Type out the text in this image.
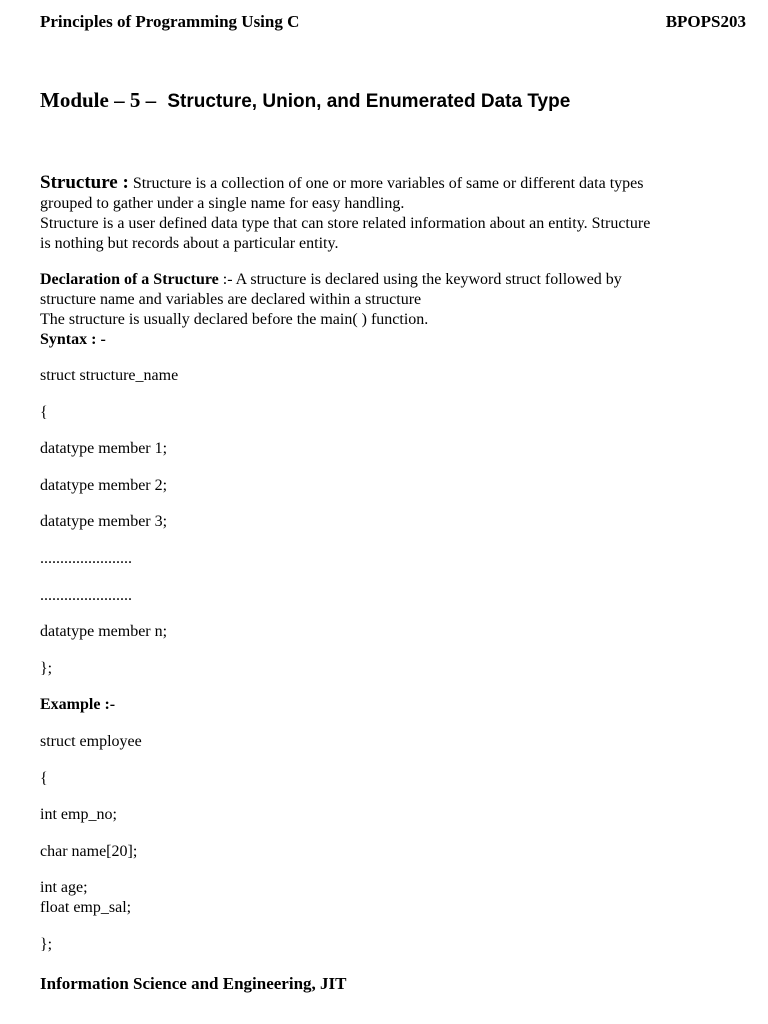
Principles of Programming Using C	BPOPS203
Module – 5 – Structure, Union, and Enumerated Data Type

Structure : Structure is a collection of one or more variables of same or different data types

grouped to gather under a single name for easy handling.

Structure is a user defined data type that can store related information about an entity. Structure

is nothing but records about a particular entity.

Declaration of a Structure :- A structure is declared using the keyword struct followed by

structure name and variables are declared within a structure

The structure is usually declared before the main( ) function.

Syntax : -

struct structure_name
{
datatype member 1;
datatype member 2;
datatype member 3;
.......................
.......................
datatype member n;
};
Example :-
struct employee
{
int emp_no;
char name[20];
int age;
float emp_sal;
};
Information Science and Engineering, JIT
